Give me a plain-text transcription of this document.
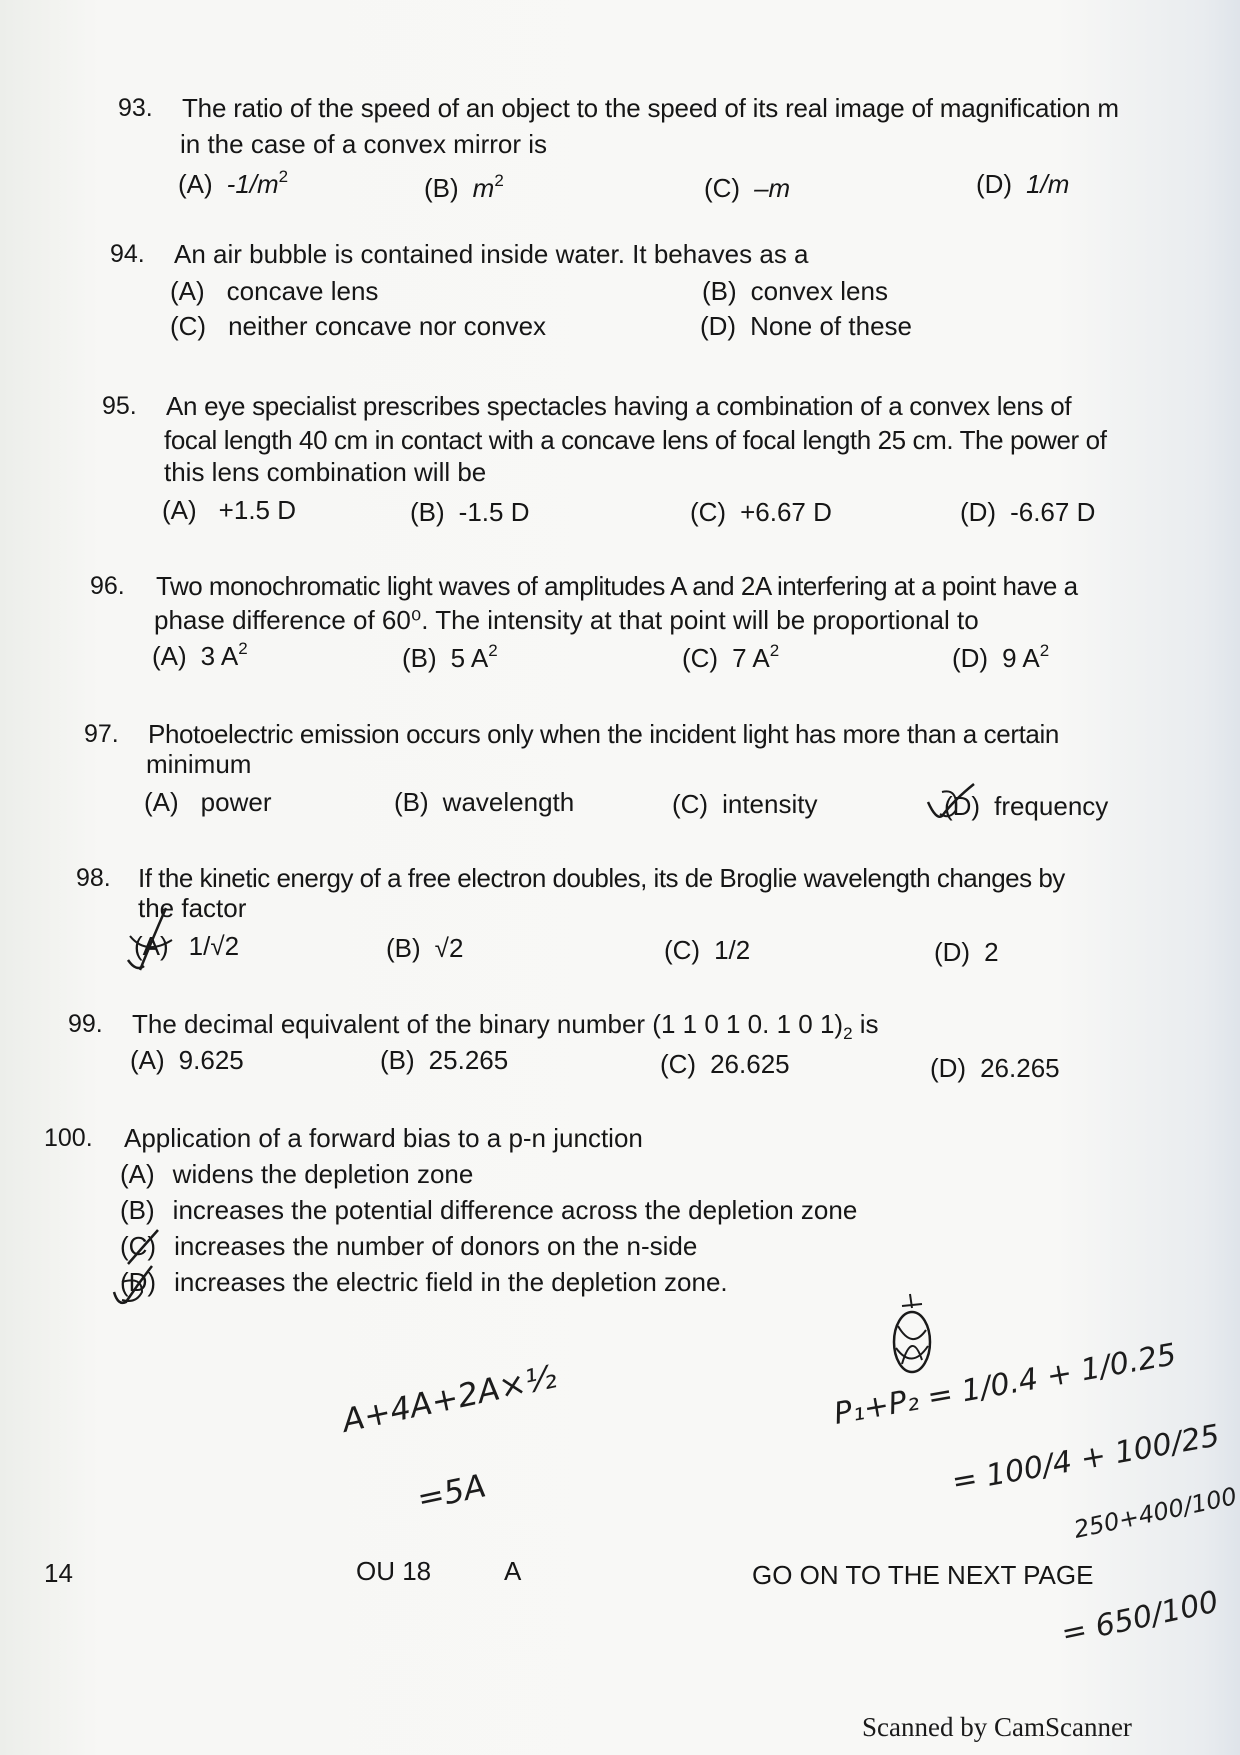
93. The ratio of the speed of an object to the speed of its real image of magnification m
in the case of a convex mirror is
(A) $-1/m^2$	(B) $m^2$	(C) –m	(D) 1/m
94. An air bubble is contained inside water. It behaves as a
(A) concave lens	(B) convex lens
(C) neither concave nor convex	(D) None of these
95. An eye specialist prescribes spectacles having a combination of a convex lens of
focal length 40 cm in contact with a concave lens of focal length 25 cm. The power of
this lens combination will be
(A) +1.5 D	(B) -1.5 D	(C) +6.67 D	(D) -6.67 D
96. Two monochromatic light waves of amplitudes A and 2A interfering at a point have a
phase difference of 60⁰. The intensity at that point will be proportional to
(A) 3 $A^2$	(B) 5 $A^2$	(C) 7 $A^2$	(D) 9 $A^2$
97. Photoelectric emission occurs only when the incident light has more than a certain
minimum
(A) power	(B) wavelength	(C) intensity	(D) frequency
98. If the kinetic energy of a free electron doubles, its de Broglie wavelength changes by
the factor
(A) 1/√2	(B) √2	(C) 1/2	(D) 2
99. The decimal equivalent of the binary number (1 1 0 1 0. 1 0 $1)_2$ is
(A) 9.625	(B) 25.265	(C) 26.625	(D) 26.265
100. Application of a forward bias to a p-n junction
(A) widens the depletion zone
(B) increases the potential difference across the depletion zone
(C) increases the number of donors on the n-side
(D) increases the electric field in the depletion zone.
14	OU 18	A	GO ON TO THE NEXT PAGE
Scanned by CamScanner
A+4A+2A×½
=5A
P₁+P₂ = 1/0.4 + 1/0.25
= 100/4 + 100/25
250+400/100
= 650/100
